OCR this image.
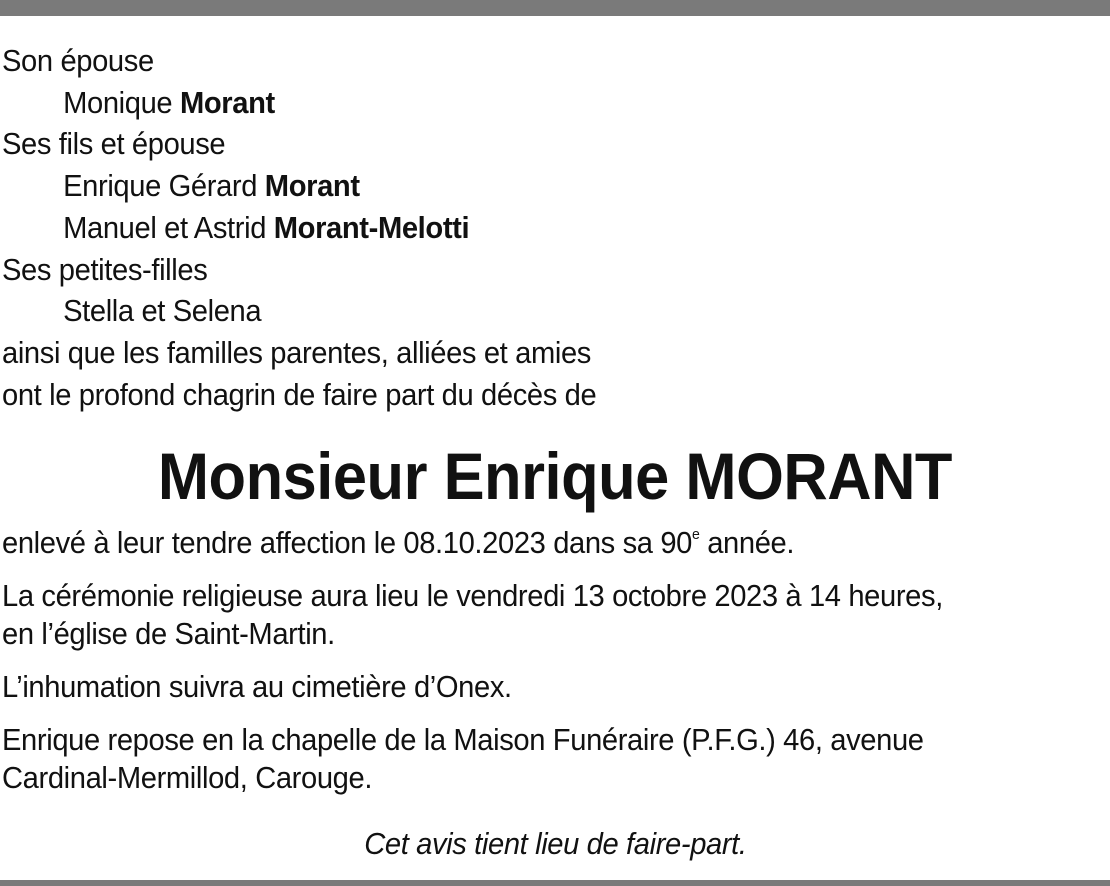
Son épouse
Monique Morant
Ses fils et épouse
Enrique Gérard Morant
Manuel et Astrid Morant-Melotti
Ses petites-filles
Stella et Selena
ainsi que les familles parentes, alliées et amies
ont le profond chagrin de faire part du décès de
Monsieur Enrique MORANT

enlevé à leur tendre affection le 08.10.2023 dans sa 90e année.

La cérémonie religieuse aura lieu le vendredi 13 octobre 2023 à 14 heures,
en l’église de Saint-Martin.

L’inhumation suivra au cimetière d’Onex.

Enrique repose en la chapelle de la Maison Funéraire (P.F.G.) 46, avenue
Cardinal-Mermillod, Carouge.

Cet avis tient lieu de faire-part.
